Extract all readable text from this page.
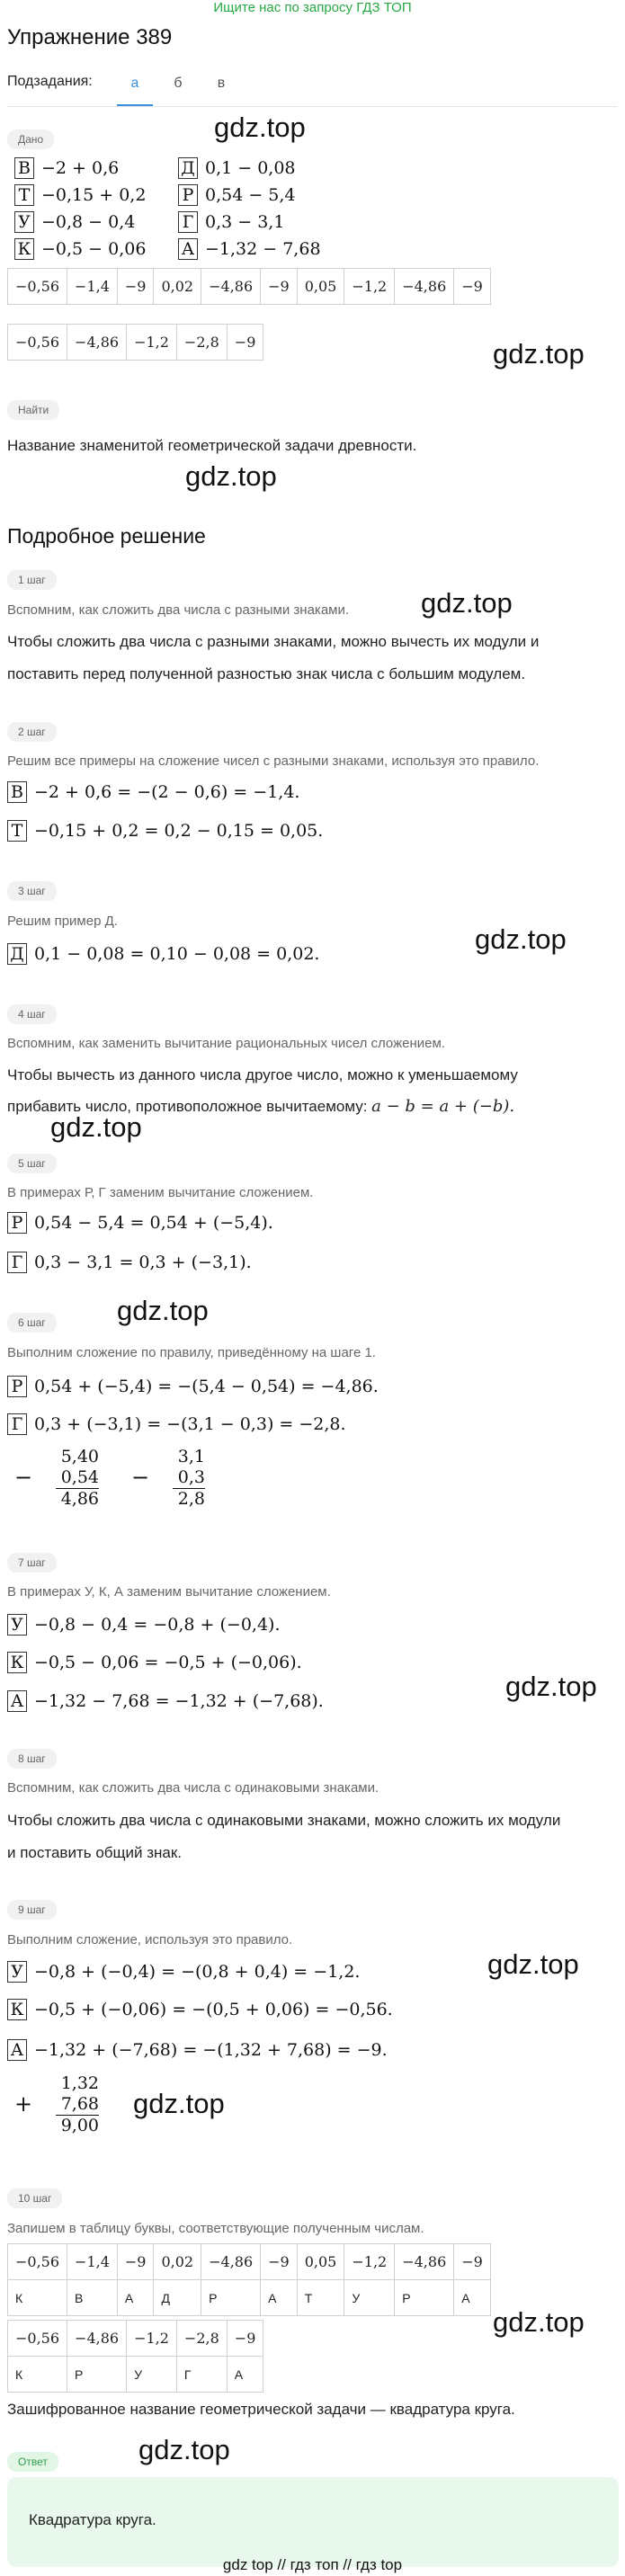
Ищите нас по запросу ГДЗ ТОП
Упражнение 389
Подзадания:	а	б	в
Дано	gdz.top
В −2 + 0,6	Д 0,1 − 0,08
Т −0,15 + 0,2 Р 0,54 − 5,4
У −0,8 − 0,4	Г 0,3 − 3,1
К −0,5 − 0,06 А −1,32 − 7,68
−0,56	−1,4	−9	0,02	−4,86	−9	0,05	−1,2	−4,86	−9
−0,56	−4,86	−1,2	−2,8	−9	gdz.top
Найти
Название знаменитой геометрической задачи древности.
gdz.top
Подробное решение
1 шаг
gdz.top
Вспомним, как сложить два числа с разными знаками.
Чтобы сложить два числа с разными знаками, можно вычесть их модули и
поставить перед полученной разностью знак числа с большим модулем.
2 шаг
Решим все примеры на сложение чисел с разными знаками, используя это правило.
В −2 + 0,6 = −(2 − 0,6) = −1,4.
Т −0,15 + 0,2 = 0,2 − 0,15 = 0,05.
3 шаг
Решим пример Д.
Д 0,1 − 0,08 = 0,10 − 0,08 = 0,02.	gdz.top
4 шаг
Вспомним, как заменить вычитание рациональных чисел сложением.
Чтобы вычесть из данного числа другое число, можно к уменьшаемому
прибавить число, противоположное вычитаемому: a − b = a + (−b).
gdz.top
5 шаг
В примерах Р, Г заменим вычитание сложением.
Р 0,54 − 5,4 = 0,54 + (−5,4).
Г 0,3 − 3,1 = 0,3 + (−3,1).
6 шаг	gdz.top
Выполним сложение по правилу, приведённому на шаге 1.
Р 0,54 + (−5,4) = −(5,4 − 0,54) = −4,86.
Г 0,3 + (−3,1) = −(3,1 − 0,3) = −2,8.
−
5,40
0,54
4,86
−
3,1
0,3
2,8
7 шаг
В примерах У, К, А заменим вычитание сложением.
У −0,8 − 0,4 = −0,8 + (−0,4).
К −0,5 − 0,06 = −0,5 + (−0,06).
А −1,32 − 7,68 = −1,32 + (−7,68).	gdz.top
8 шаг
Вспомним, как сложить два числа с одинаковыми знаками.
Чтобы сложить два числа с одинаковыми знаками, можно сложить их модули
и поставить общий знак.
9 шаг
Выполним сложение, используя это правило.
У −0,8 + (−0,4) = −(0,8 + 0,4) = −1,2.	gdz.top
К −0,5 + (−0,06) = −(0,5 + 0,06) = −0,56.
А −1,32 + (−7,68) = −(1,32 + 7,68) = −9.
+
1,32
7,68
9,00
gdz.top
10 шаг
Запишем в таблицу буквы, соответствующие полученным числам.
−0,56	−1,4	−9	0,02	−4,86	−9	0,05	−1,2	−4,86	−9
К	В	А	Д	Р	А	Т	У	Р	А
−0,56	−4,86	−1,2	−2,8	−9
К	Р	У	Г	А
gdz.top
Зашифрованное название геометрической задачи — квадратура круга.
Ответ	gdz.top
Квадратура круга.
gdz top // гдз топ // гдз top
